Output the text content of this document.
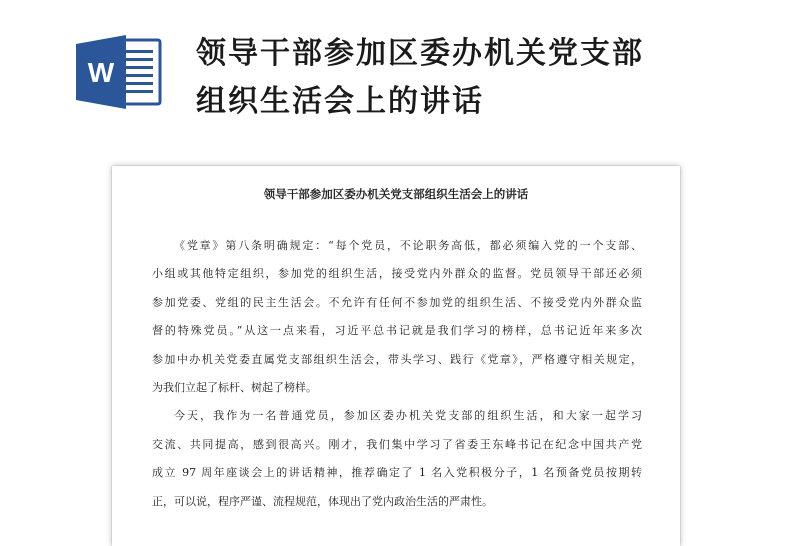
W
领导干部参加区委办机关党支部
组织生活会上的讲话
领导干部参加区委办机关党支部组织生活会上的讲话
《党章》第八条明确规定：“每个党员，不论职务高低，都必须编入党的一个支部、
小组或其他特定组织，参加党的组织生活，接受党内外群众的监督。党员领导干部还必须
参加党委、党组的民主生活会。不允许有任何不参加党的组织生活、不接受党内外群众监
督的特殊党员。”从这一点来看，习近平总书记就是我们学习的榜样，总书记近年来多次
参加中办机关党委直属党支部组织生活会，带头学习、践行《党章》，严格遵守相关规定，
为我们立起了标杆、树起了榜样。
今天，我作为一名普通党员，参加区委办机关党支部的组织生活，和大家一起学习
交流、共同提高，感到很高兴。刚才，我们集中学习了省委王东峰书记在纪念中国共产党
成立 97 周年座谈会上的讲话精神，推荐确定了 1 名入党积极分子，1 名预备党员按期转
正，可以说，程序严谨、流程规范，体现出了党内政治生活的严肃性。
